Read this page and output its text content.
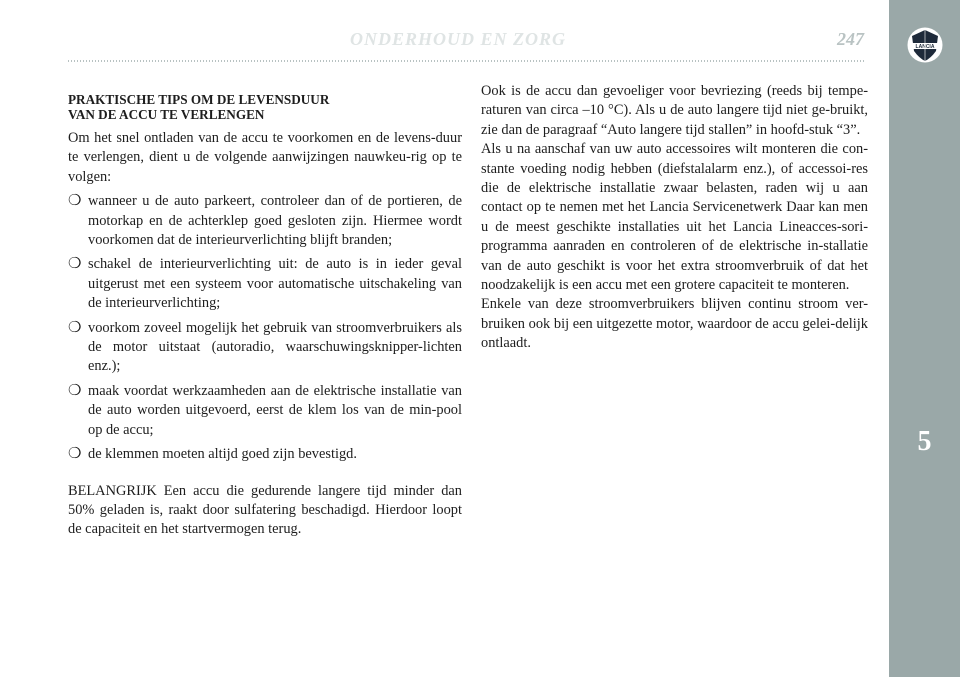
LANCIA
5
ONDERHOUD EN ZORG	247

PRAKTISCHE TIPS OM DE LEVENSDUUR
VAN DE ACCU TE VERLENGEN

Om het snel ontladen van de accu te voorkomen en de levens-duur te verlengen, dient u de volgende aanwijzingen nauwkeu-rig op te volgen:

❍ wanneer u de auto parkeert, controleer dan of de portieren, de motorkap en de achterklep goed gesloten zijn. Hiermee wordt voorkomen dat de interieurverlichting blijft branden;
❍ schakel de interieurverlichting uit: de auto is in ieder geval uitgerust met een systeem voor automatische uitschakeling van de interieurverlichting;
❍ voorkom zoveel mogelijk het gebruik van stroomverbruikers als de motor uitstaat (autoradio, waarschuwingsknipper-lichten enz.);
❍ maak voordat werkzaamheden aan de elektrische installatie van de auto worden uitgevoerd, eerst de klem los van de min-pool op de accu;
❍ de klemmen moeten altijd goed zijn bevestigd.

BELANGRIJK Een accu die gedurende langere tijd minder dan 50% geladen is, raakt door sulfatering beschadigd. Hierdoor loopt de capaciteit en het startvermogen terug.

Ook is de accu dan gevoeliger voor bevriezing (reeds bij tempe-raturen van circa –10 °C). Als u de auto langere tijd niet ge-bruikt, zie dan de paragraaf “Auto langere tijd stallen” in hoofd-stuk “3”.

Als u na aanschaf van uw auto accessoires wilt monteren die con-stante voeding nodig hebben (diefstalalarm enz.), of accessoi-res die de elektrische installatie zwaar belasten, raden wij u aan contact op te nemen met het Lancia Servicenetwerk Daar kan men u de meest geschikte installaties uit het Lancia Lineacces-sori-programma aanraden en controleren of de elektrische in-stallatie van de auto geschikt is voor het extra stroomverbruik of dat het noodzakelijk is een accu met een grotere capaciteit te monteren.

Enkele van deze stroomverbruikers blijven continu stroom ver-bruiken ook bij een uitgezette motor, waardoor de accu gelei-delijk ontlaadt.
